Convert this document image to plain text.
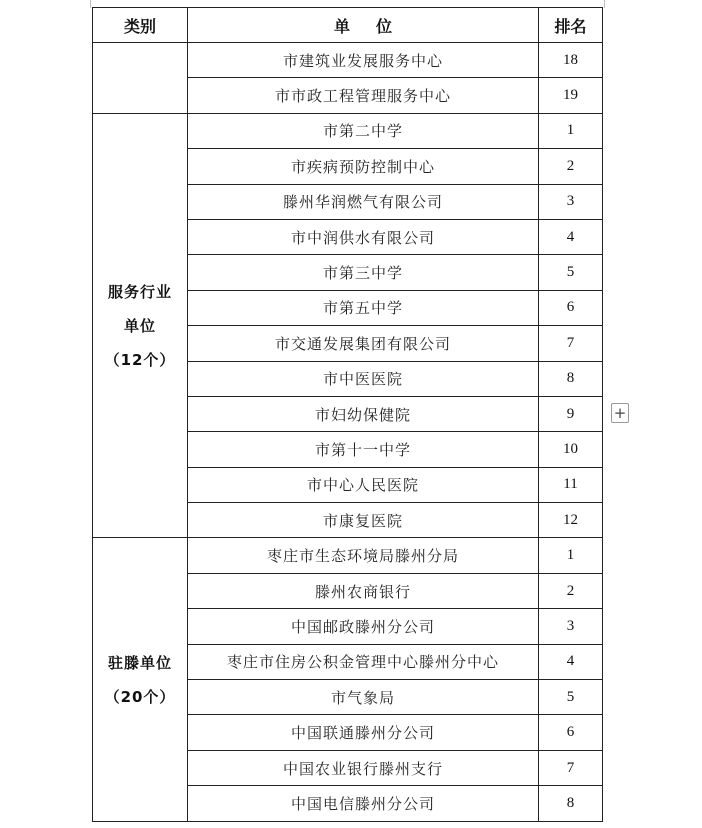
类别	单位	排名
	市建筑业发展服务中心	18
	市市政工程管理服务中心	19

服务行业
单位
（12个）	市第二中学	1
	市疾病预防控制中心	2
	滕州华润燃气有限公司	3
	市中润供水有限公司	4
	市第三中学	5
	市第五中学	6
	市交通发展集团有限公司	7
	市中医医院	8
	市妇幼保健院	9
	市第十一中学	10
	市中心人民医院	11
	市康复医院	12

驻滕单位
（20个）	枣庄市生态环境局滕州分局	1
	滕州农商银行	2
	中国邮政滕州分公司	3
	枣庄市住房公积金管理中心滕州分中心	4
	市气象局	5
	中国联通滕州分公司	6
	中国农业银行滕州支行	7
	中国电信滕州分公司	8
+
